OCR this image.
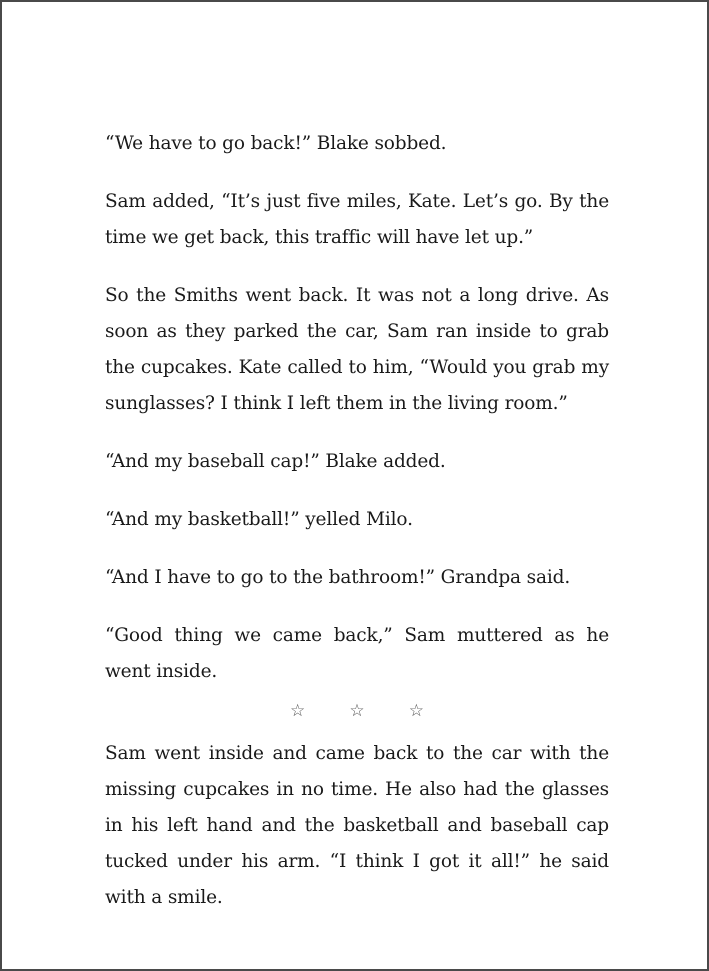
“We have to go back!” Blake sobbed.

Sam added, “It’s just five miles, Kate. Let’s go. By the time we get back, this traffic will have let up.”

So the Smiths went back. It was not a long drive. As soon as they parked the car, Sam ran inside to grab the cupcakes. Kate called to him, “Would you grab my sunglasses? I think I left them in the living room.”

“And my baseball cap!” Blake added.

“And my basketball!” yelled Milo.

“And I have to go to the bathroom!” Grandpa said.

“Good thing we came back,” Sam muttered as he went inside.

☆	☆	☆

Sam went inside and came back to the car with the missing cupcakes in no time. He also had the glasses in his left hand and the basketball and baseball cap tucked under his arm. “I think I got it all!” he said with a smile.
